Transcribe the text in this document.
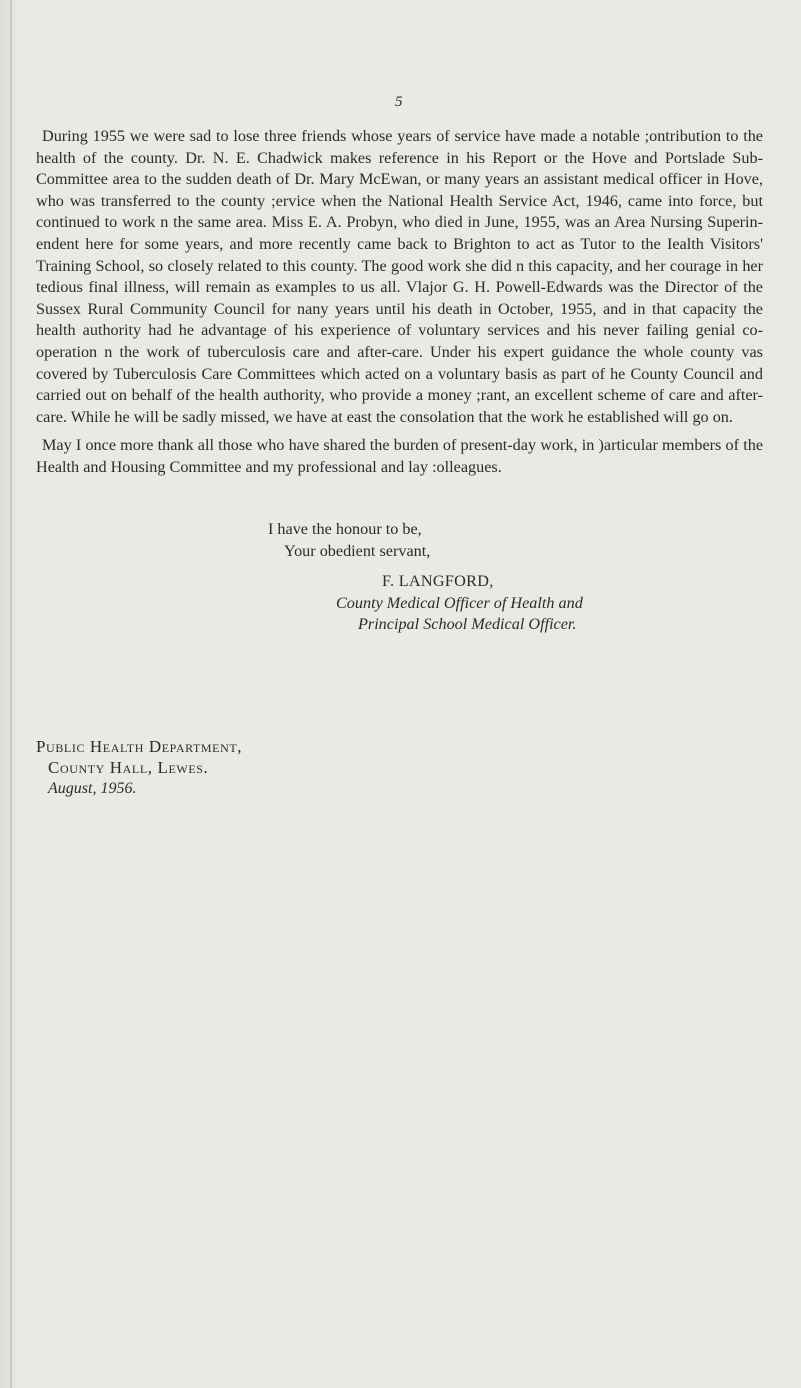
5

During 1955 we were sad to lose three friends whose years of service have made a notable ;ontribution to the health of the county. Dr. N. E. Chadwick makes reference in his Report or the Hove and Portslade Sub-Committee area to the sudden death of Dr. Mary McEwan, or many years an assistant medical officer in Hove, who was transferred to the county ;ervice when the National Health Service Act, 1946, came into force, but continued to work n the same area. Miss E. A. Probyn, who died in June, 1955, was an Area Nursing Superin-endent here for some years, and more recently came back to Brighton to act as Tutor to the Iealth Visitors' Training School, so closely related to this county. The good work she did n this capacity, and her courage in her tedious final illness, will remain as examples to us all. Vlajor G. H. Powell-Edwards was the Director of the Sussex Rural Community Council for nany years until his death in October, 1955, and in that capacity the health authority had he advantage of his experience of voluntary services and his never failing genial co-operation n the work of tuberculosis care and after-care. Under his expert guidance the whole county vas covered by Tuberculosis Care Committees which acted on a voluntary basis as part of he County Council and carried out on behalf of the health authority, who provide a money ;rant, an excellent scheme of care and after-care. While he will be sadly missed, we have at east the consolation that the work he established will go on.

May I once more thank all those who have shared the burden of present-day work, in )articular members of the Health and Housing Committee and my professional and lay :olleagues.

I have the honour to be,
Your obedient servant,
F. LANGFORD,
County Medical Officer of Health and
Principal School Medical Officer.
Public Health Department,
County Hall, Lewes.
August, 1956.
